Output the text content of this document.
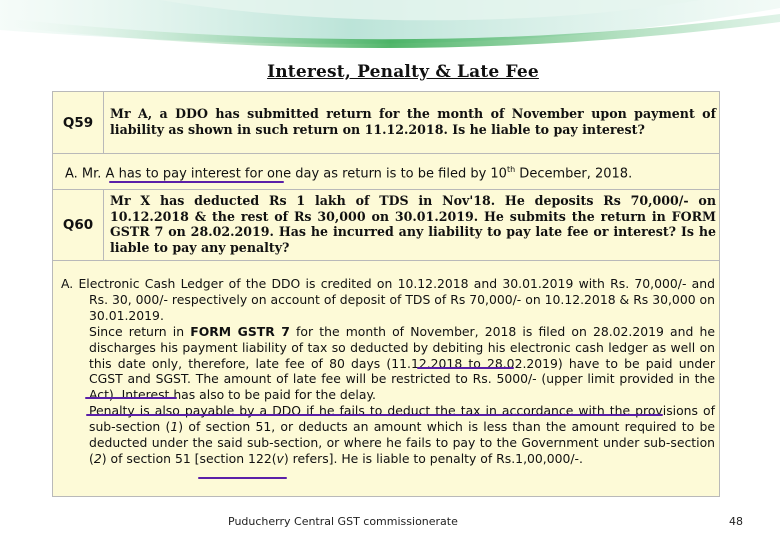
Interest, Penalty & Late Fee
Q59
Mr A, a DDO has submitted return for the month of November upon payment of liability as shown in such return on 11.12.2018. Is he liable to pay interest?
A. Mr. A has to pay interest for one day as return is to be filed by 10th December, 2018.
Q60
Mr X has deducted Rs 1 lakh of TDS in Nov'18. He deposits Rs 70,000/- on 10.12.2018 & the rest of Rs 30,000 on 30.01.2019. He submits the return in FORM GSTR 7 on 28.02.2019. Has he incurred any liability to pay late fee or interest? Is he liable to pay any penalty?
A. Electronic Cash Ledger of the DDO is credited on 10.12.2018 and 30.01.2019 with Rs. 70,000/- and Rs. 30, 000/- respectively on account of deposit of TDS of Rs 70,000/- on 10.12.2018 & Rs 30,000 on 30.01.2019.
Since return in FORM GSTR 7 for the month of November, 2018 is filed on 28.02.2019 and he discharges his payment liability of tax so deducted by debiting his electronic cash ledger as well on this date only, therefore, late fee of 80 days (11.12.2018 to 28.02.2019) have to be paid under CGST and SGST. The amount of late fee will be restricted to Rs. 5000/- (upper limit provided in the Act). Interest has also to be paid for the delay.
Penalty is also payable by a DDO if he fails to deduct the tax in accordance with the provisions of sub-section (1) of section 51, or deducts an amount which is less than the amount required to be deducted under the said sub-section, or where he fails to pay to the Government under sub-section (2) of section 51 [section 122(v) refers]. He is liable to penalty of Rs.1,00,000/-.
Puducherry Central GST commissionerate	48
